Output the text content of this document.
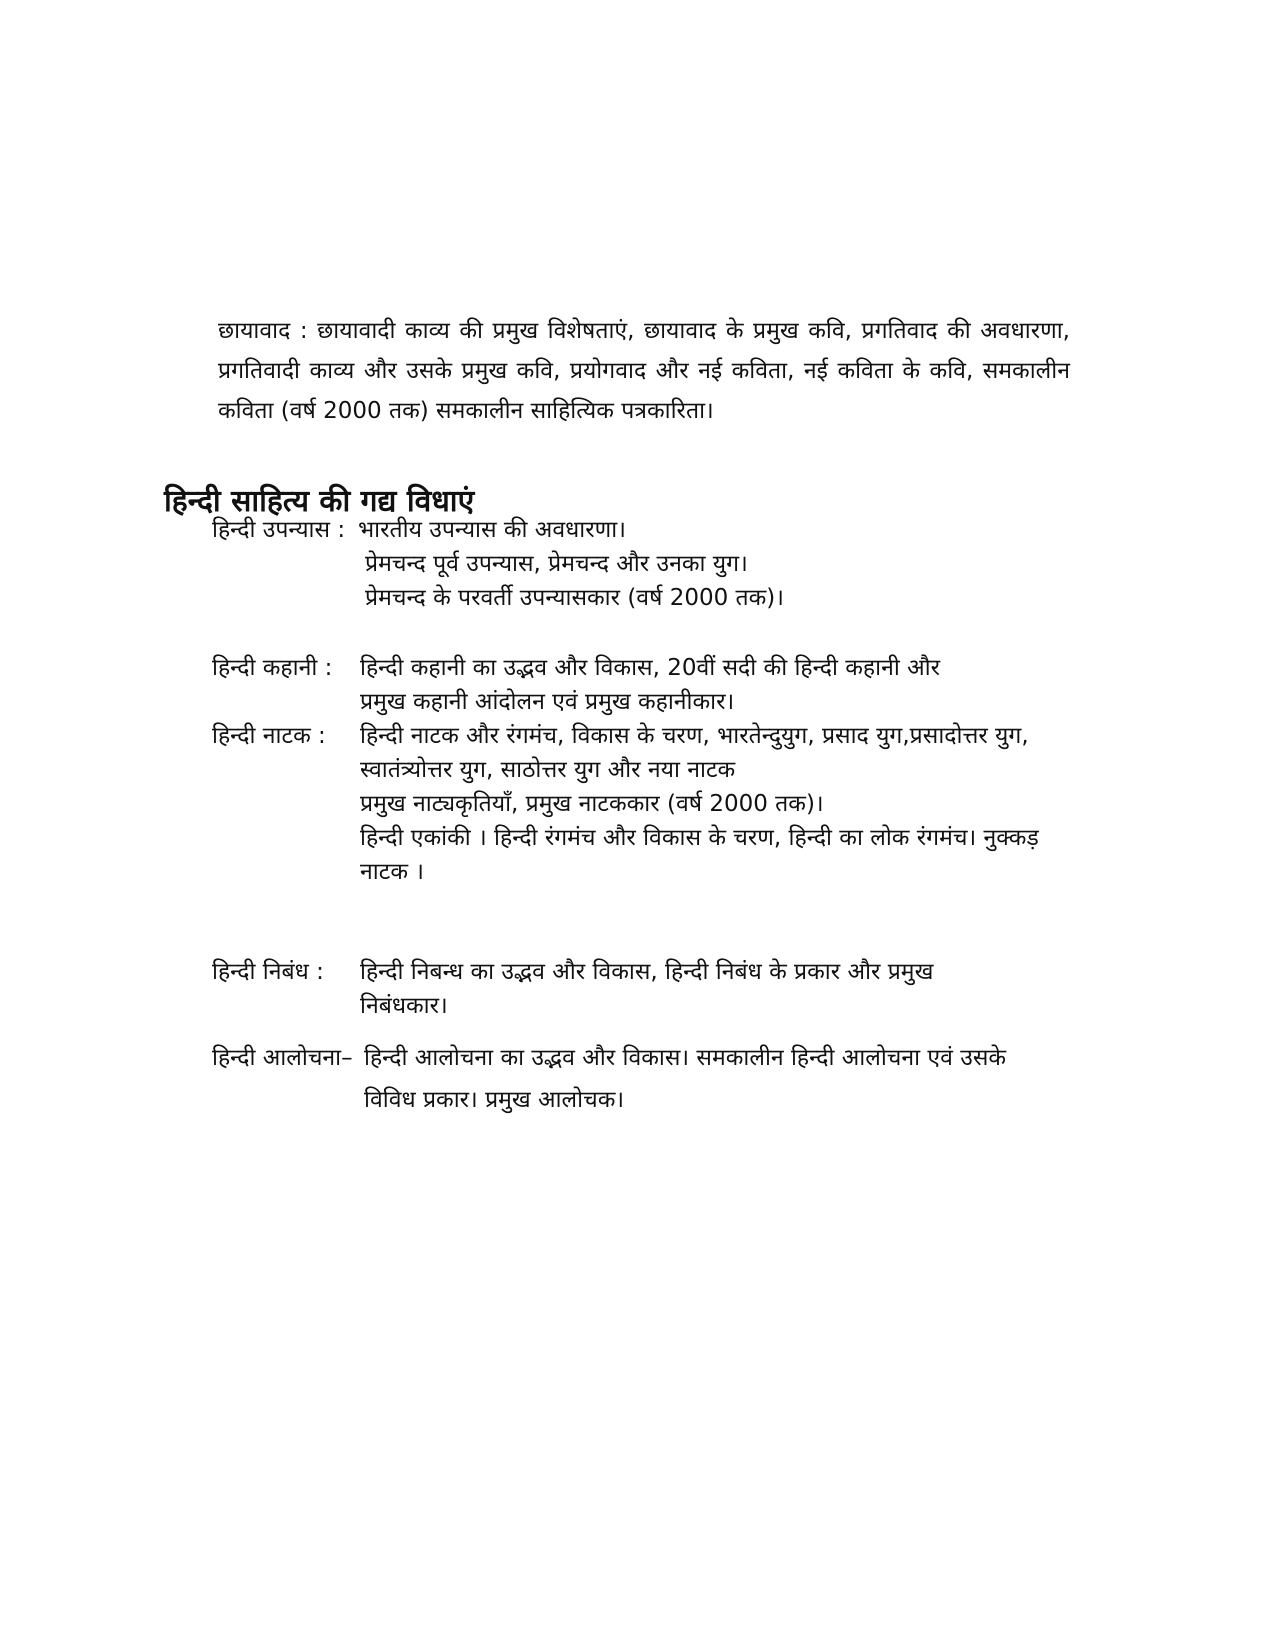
छायावाद : छायावादी काव्य की प्रमुख विशेषताएं, छायावाद के प्रमुख कवि, प्रगतिवाद की अवधारणा, प्रगतिवादी काव्य और उसके प्रमुख कवि, प्रयोगवाद और नई कविता, नई कविता के कवि, समकालीन कविता (वर्ष 2000 तक) समकालीन साहित्यिक पत्रकारिता।

हिन्दी साहित्य की गद्य विधाएं
हिन्दी उपन्यास : भारतीय उपन्यास की अवधारणा।
प्रेमचन्द पूर्व उपन्यास, प्रेमचन्द और उनका युग।
प्रेमचन्द के परवर्ती उपन्यासकार (वर्ष 2000 तक)।
हिन्दी कहानी : हिन्दी कहानी का उद्भव और विकास, 20वीं सदी की हिन्दी कहानी और
प्रमुख कहानी आंदोलन एवं प्रमुख कहानीकार।
हिन्दी नाटक : हिन्दी नाटक और रंगमंच, विकास के चरण, भारतेन्दुयुग, प्रसाद युग,प्रसादोत्तर युग,
स्वातंत्र्योत्तर युग, साठोत्तर युग और नया नाटक
प्रमुख नाट्यकृतियाँ, प्रमुख नाटककार (वर्ष 2000 तक)।
हिन्दी एकांकी । हिन्दी रंगमंच और विकास के चरण, हिन्दी का लोक रंगमंच। नुक्कड़
नाटक ।
हिन्दी निबंध : हिन्दी निबन्ध का उद्भव और विकास, हिन्दी निबंध के प्रकार और प्रमुख
निबंधकार।
हिन्दी आलोचना– हिन्दी आलोचना का उद्भव और विकास। समकालीन हिन्दी आलोचना एवं उसके
विविध प्रकार। प्रमुख आलोचक।
